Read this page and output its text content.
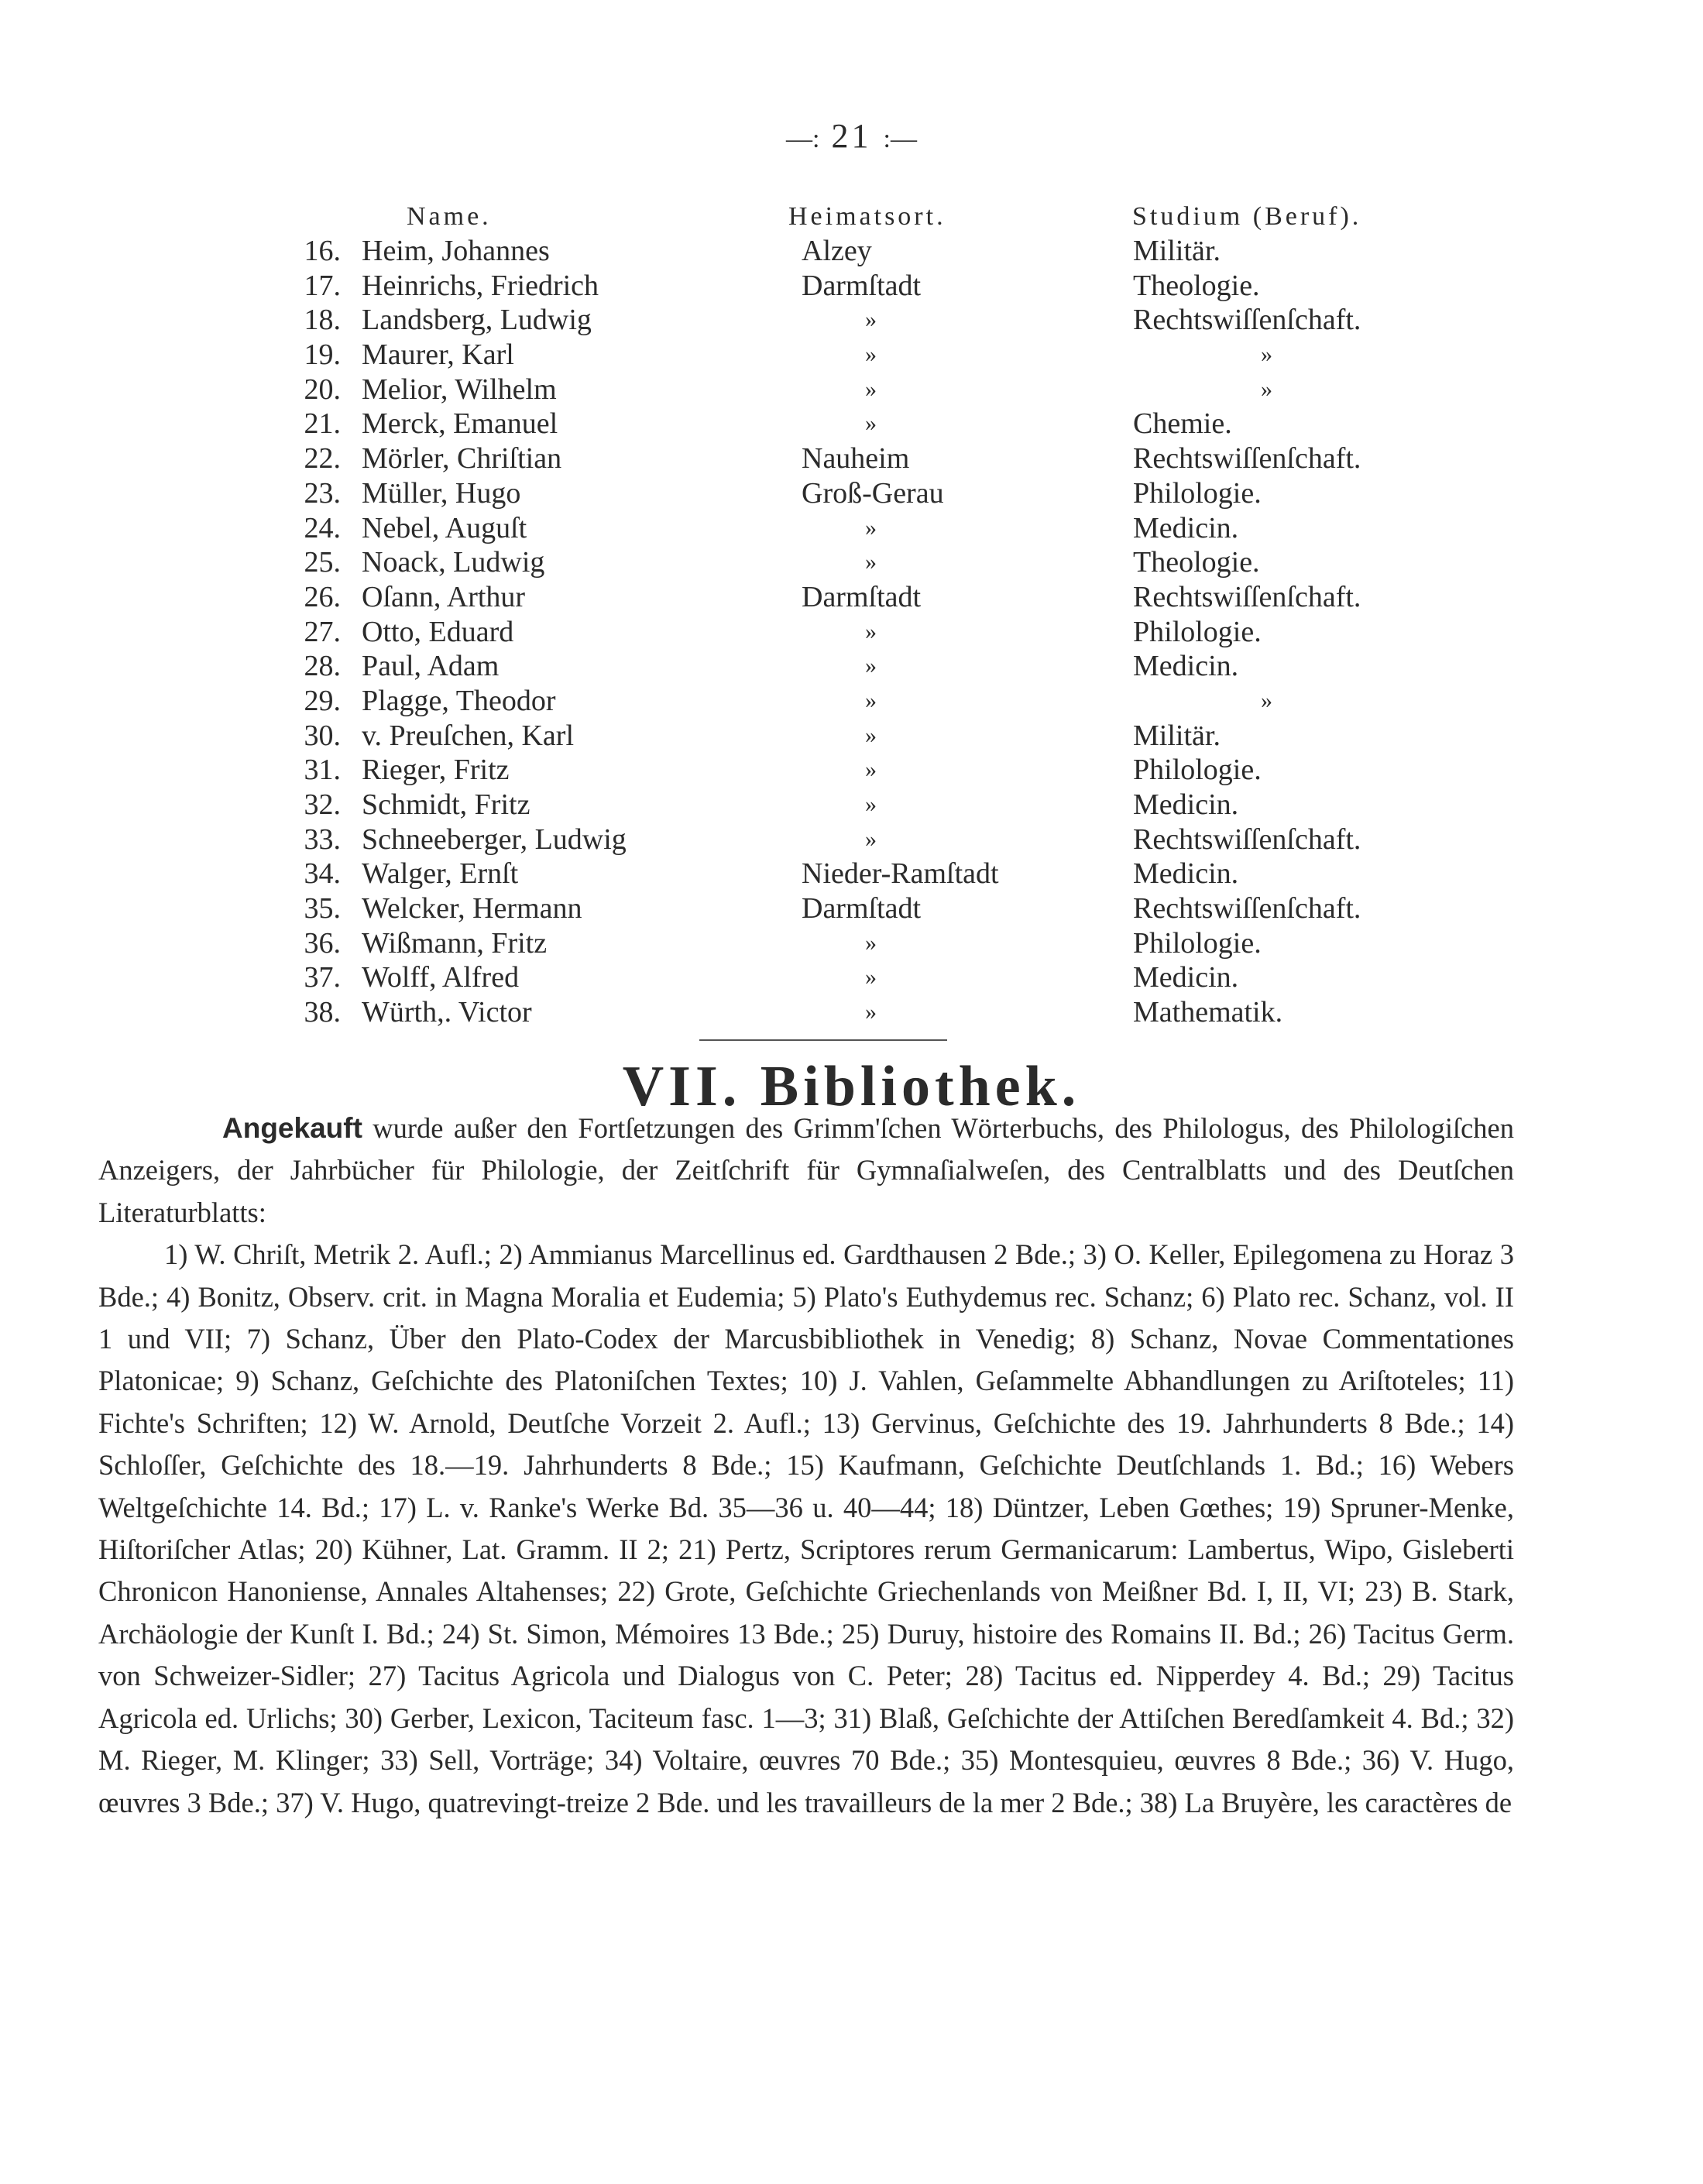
—: 21 :—
Name.	Heimatsort.	Studium (Beruf).
16. Heim, Johannes	Alzey	Militär.
17. Heinrichs, Friedrich	Darmſtadt	Theologie.
18. Landsberg, Ludwig	»	Rechtswiſſenſchaft.
19. Maurer, Karl	»	»
20. Melior, Wilhelm	»	»
21. Merck, Emanuel	»	Chemie.
22. Mörler, Chriſtian	Nauheim	Rechtswiſſenſchaft.
23. Müller, Hugo	Groß-Gerau	Philologie.
24. Nebel, Auguſt	»	Medicin.
25. Noack, Ludwig	»	Theologie.
26. Oſann, Arthur	Darmſtadt	Rechtswiſſenſchaft.
27. Otto, Eduard	»	Philologie.
28. Paul, Adam	»	Medicin.
29. Plagge, Theodor	»	»
30. v. Preuſchen, Karl	»	Militär.
31. Rieger, Fritz	»	Philologie.
32. Schmidt, Fritz	»	Medicin.
33. Schneeberger, Ludwig	»	Rechtswiſſenſchaft.
34. Walger, Ernſt	Nieder-Ramſtadt	Medicin.
35. Welcker, Hermann	Darmſtadt	Rechtswiſſenſchaft.
36. Wißmann, Fritz	»	Philologie.
37. Wolff, Alfred	»	Medicin.
38. Würth,. Victor	»	Mathematik.
VII. Bibliothek.

Angekauft wurde außer den Fortſetzungen des Grimm'ſchen Wörterbuchs, des Philologus, des Philologiſchen Anzeigers, der Jahrbücher für Philologie, der Zeitſchrift für Gymnaſialweſen, des Centralblatts und des Deutſchen Literaturblatts:

1) W. Chriſt, Metrik 2. Aufl.; 2) Ammianus Marcellinus ed. Gardthausen 2 Bde.; 3) O. Keller, Epilegomena zu Horaz 3 Bde.; 4) Bonitz, Observ. crit. in Magna Moralia et Eudemia; 5) Plato's Euthydemus rec. Schanz; 6) Plato rec. Schanz, vol. II 1 und VII; 7) Schanz, Über den Plato-Codex der Marcusbibliothek in Venedig; 8) Schanz, Novae Commentationes Platonicae; 9) Schanz, Geſchichte des Platoniſchen Textes; 10) J. Vahlen, Geſammelte Abhandlungen zu Ariſtoteles; 11) Fichte's Schriften; 12) W. Arnold, Deutſche Vorzeit 2. Aufl.; 13) Gervinus, Geſchichte des 19. Jahrhunderts 8 Bde.; 14) Schloſſer, Geſchichte des 18.—19. Jahrhunderts 8 Bde.; 15) Kaufmann, Geſchichte Deutſchlands 1. Bd.; 16) Webers Weltgeſchichte 14. Bd.; 17) L. v. Ranke's Werke Bd. 35—36 u. 40—44; 18) Düntzer, Leben Gœthes; 19) Spruner-Menke, Hiſtoriſcher Atlas; 20) Kühner, Lat. Gramm. II 2; 21) Pertz, Scriptores rerum Germanicarum: Lambertus, Wipo, Gisleberti Chronicon Hanoniense, Annales Altahenses; 22) Grote, Geſchichte Griechenlands von Meißner Bd. I, II, VI; 23) B. Stark, Archäologie der Kunſt I. Bd.; 24) St. Simon, Mémoires 13 Bde.; 25) Duruy, histoire des Romains II. Bd.; 26) Tacitus Germ. von Schweizer-Sidler; 27) Tacitus Agricola und Dialogus von C. Peter; 28) Tacitus ed. Nipperdey 4. Bd.; 29) Tacitus Agricola ed. Urlichs; 30) Gerber, Lexicon, Taciteum fasc. 1—3; 31) Blaß, Geſchichte der Attiſchen Beredſamkeit 4. Bd.; 32) M. Rieger, M. Klinger; 33) Sell, Vorträge; 34) Voltaire, œuvres 70 Bde.; 35) Montesquieu, œuvres 8 Bde.; 36) V. Hugo, œuvres 3 Bde.; 37) V. Hugo, quatrevingt-treize 2 Bde. und les travailleurs de la mer 2 Bde.; 38) La Bruyère, les caractères de
